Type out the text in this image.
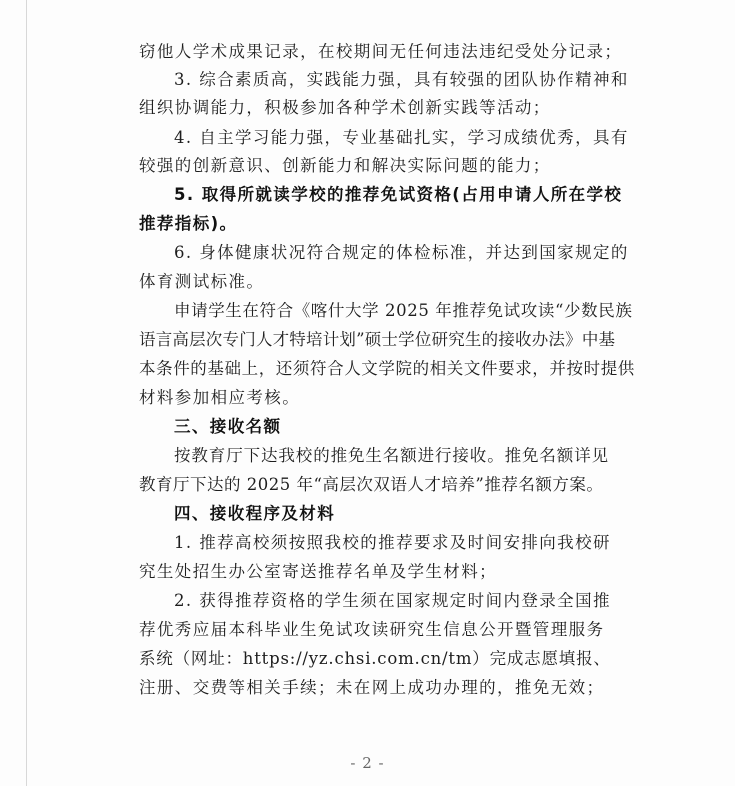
窃他人学术成果记录，在校期间无任何违法违纪受处分记录；
3. 综合素质高，实践能力强，具有较强的团队协作精神和
组织协调能力，积极参加各种学术创新实践等活动；
4. 自主学习能力强，专业基础扎实，学习成绩优秀，具有
较强的创新意识、创新能力和解决实际问题的能力；
5. 取得所就读学校的推荐免试资格(占用申请人所在学校
推荐指标)。
6. 身体健康状况符合规定的体检标准，并达到国家规定的
体育测试标准。
申请学生在符合《喀什大学 2025 年推荐免试攻读“少数民族
语言高层次专门人才特培计划”硕士学位研究生的接收办法》中基
本条件的基础上，还须符合人文学院的相关文件要求，并按时提供
材料参加相应考核。
三、接收名额
按教育厅下达我校的推免生名额进行接收。推免名额详见
教育厅下达的 2025 年“高层次双语人才培养”推荐名额方案。
四、接收程序及材料
1. 推荐高校须按照我校的推荐要求及时间安排向我校研
究生处招生办公室寄送推荐名单及学生材料；
2. 获得推荐资格的学生须在国家规定时间内登录全国推
荐优秀应届本科毕业生免试攻读研究生信息公开暨管理服务
系统（网址：https://yz.chsi.com.cn/tm）完成志愿填报、
注册、交费等相关手续；未在网上成功办理的，推免无效；
- 2 -
